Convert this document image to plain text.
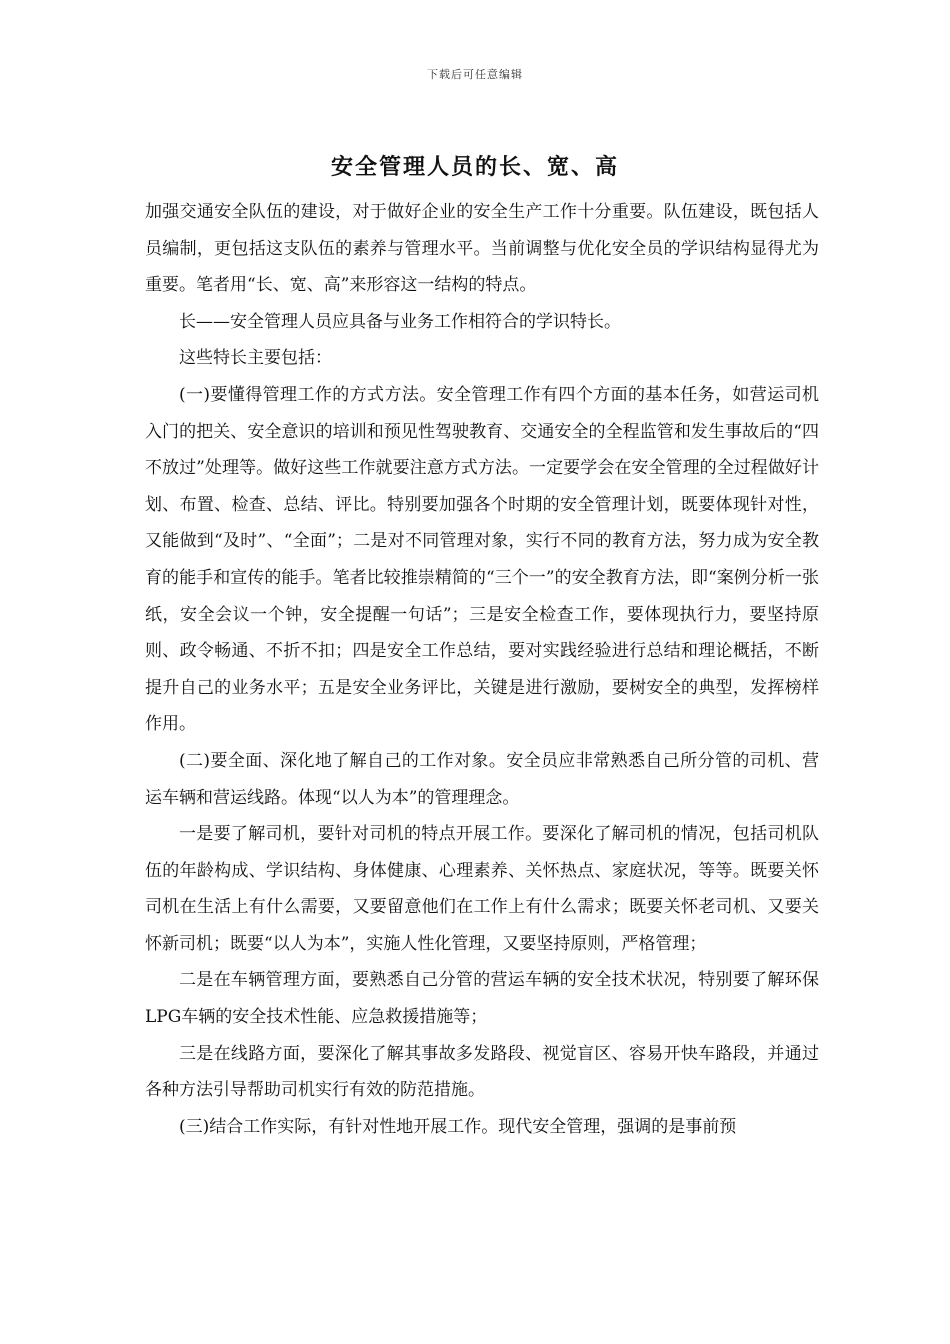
下载后可任意编辑
安全管理人员的长、宽、高

加强交通安全队伍的建设，对于做好企业的安全生产工作十分重要。队伍建设，既包括人员编制，更包括这支队伍的素养与管理水平。当前调整与优化安全员的学识结构显得尤为重要。笔者用“长、宽、高”来形容这一结构的特点。

长——安全管理人员应具备与业务工作相符合的学识特长。

这些特长主要包括：

(一)要懂得管理工作的方式方法。安全管理工作有四个方面的基本任务，如营运司机入门的把关、安全意识的培训和预见性驾驶教育、交通安全的全程监管和发生事故后的“四不放过”处理等。做好这些工作就要注意方式方法。一定要学会在安全管理的全过程做好计划、布置、检查、总结、评比。特别要加强各个时期的安全管理计划，既要体现针对性，又能做到“及时”、“全面”；二是对不同管理对象，实行不同的教育方法，努力成为安全教育的能手和宣传的能手。笔者比较推崇精简的“三个一”的安全教育方法，即“案例分析一张纸，安全会议一个钟，安全提醒一句话”；三是安全检查工作，要体现执行力，要坚持原则、政令畅通、不折不扣；四是安全工作总结，要对实践经验进行总结和理论概括，不断提升自己的业务水平；五是安全业务评比，关键是进行激励，要树安全的典型，发挥榜样作用。

(二)要全面、深化地了解自己的工作对象。安全员应非常熟悉自己所分管的司机、营运车辆和营运线路。体现“以人为本”的管理理念。

一是要了解司机，要针对司机的特点开展工作。要深化了解司机的情况，包括司机队伍的年龄构成、学识结构、身体健康、心理素养、关怀热点、家庭状况，等等。既要关怀司机在生活上有什么需要，又要留意他们在工作上有什么需求；既要关怀老司机、又要关怀新司机；既要“以人为本”，实施人性化管理，又要坚持原则，严格管理；

二是在车辆管理方面，要熟悉自己分管的营运车辆的安全技术状况，特别要了解环保LPG车辆的安全技术性能、应急救援措施等；

三是在线路方面，要深化了解其事故多发路段、视觉盲区、容易开快车路段，并通过各种方法引导帮助司机实行有效的防范措施。

(三)结合工作实际，有针对性地开展工作。现代安全管理，强调的是事前预
